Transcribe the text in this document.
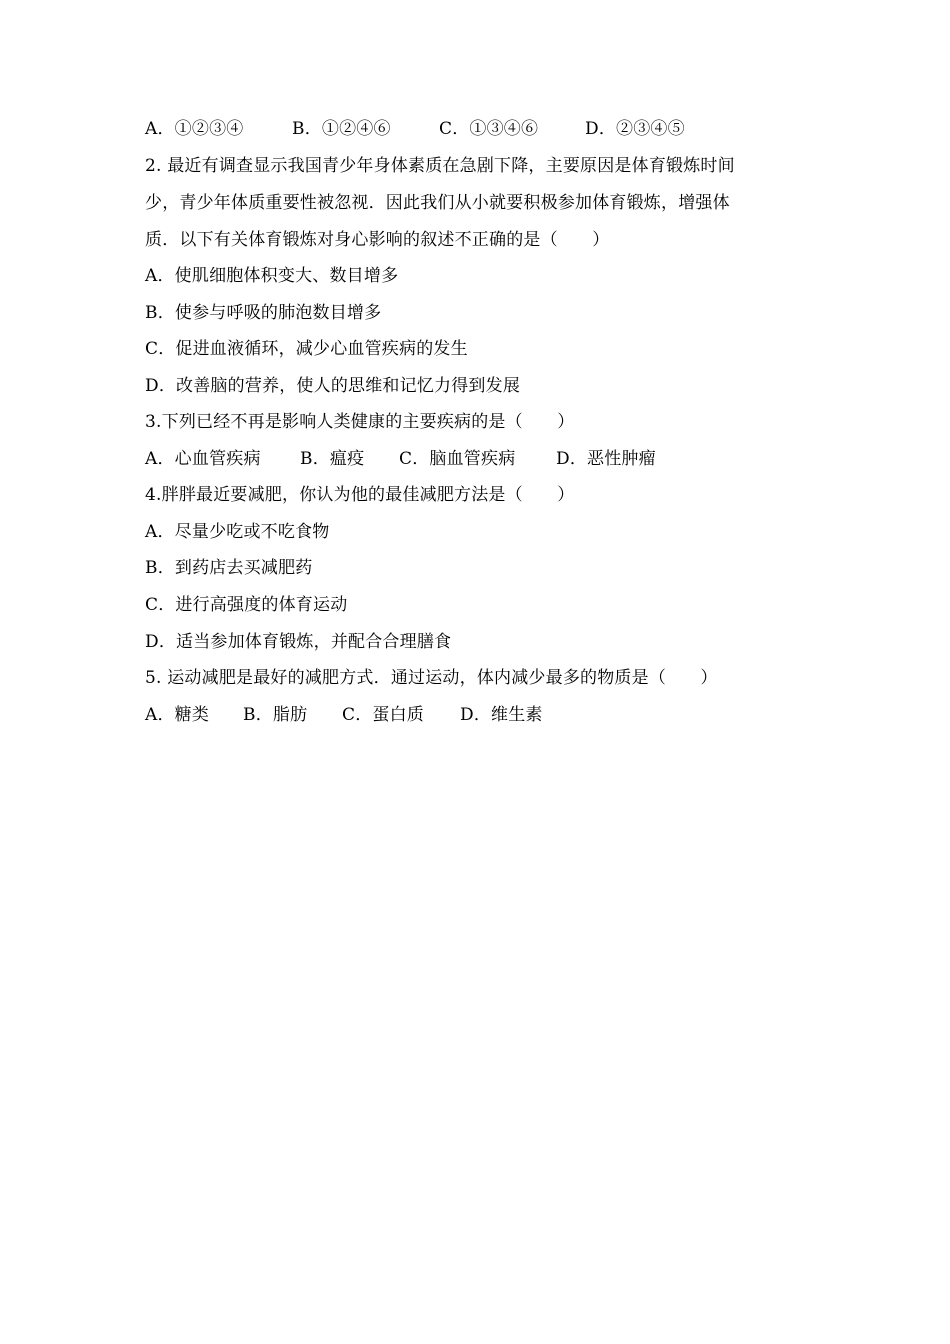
A．①②③④	B．①②④⑥	C．①③④⑥	D．②③④⑤
2. 最近有调查显示我国青少年身体素质在急剧下降，主要原因是体育锻炼时间
少，青少年体质重要性被忽视．因此我们从小就要积极参加体育锻炼，增强体
质．以下有关体育锻炼对身心影响的叙述不正确的是（　　）
A．使肌细胞体积变大、数目增多
B．使参与呼吸的肺泡数目增多
C．促进血液循环，减少心血管疾病的发生
D．改善脑的营养，使人的思维和记忆力得到发展
3.下列已经不再是影响人类健康的主要疾病的是（　　）
A．心血管疾病 B．瘟疫 C．脑血管疾病 D．恶性肿瘤
4.胖胖最近要减肥，你认为他的最佳减肥方法是（　　）
A．尽量少吃或不吃食物
B．到药店去买减肥药
C．进行高强度的体育运动
D．适当参加体育锻炼，并配合合理膳食
5. 运动减肥是最好的减肥方式．通过运动，体内减少最多的物质是（　　）
A．糖类 B．脂肪 C．蛋白质 D．维生素
